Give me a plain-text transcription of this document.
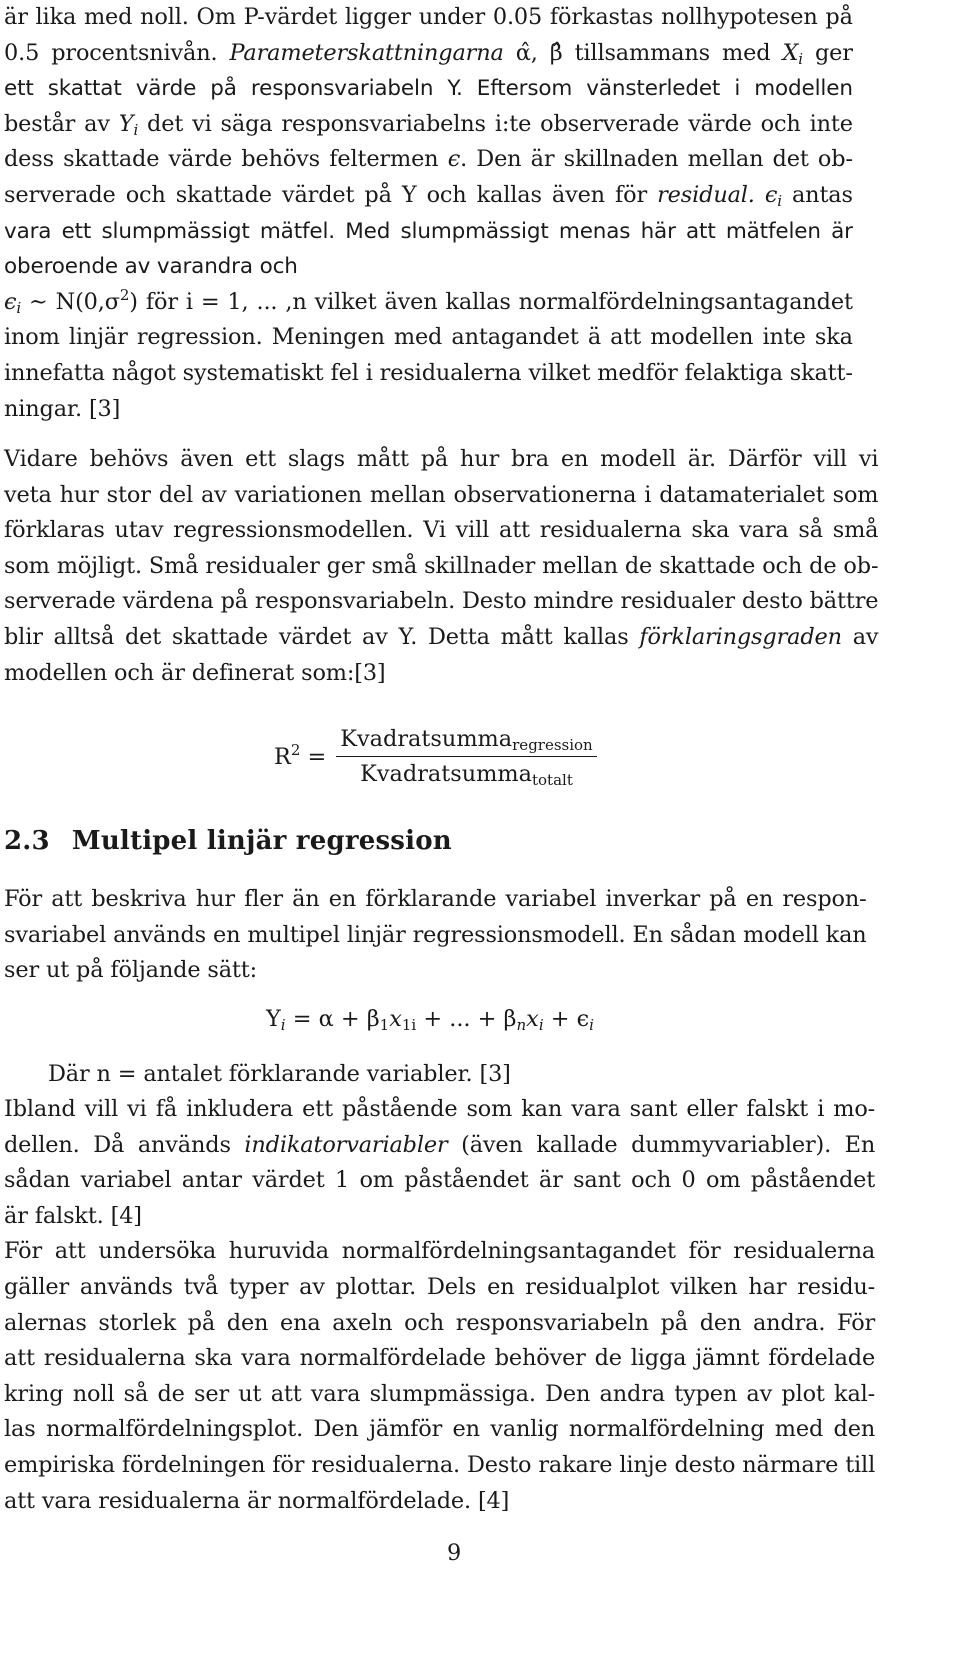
är lika med noll. Om P-värdet ligger under 0.05 förkastas nollhypotesen på
0.5 procentsnivån. Parameterskattningarna α̂, β̂ tillsammans med $X_i$ ger
ett skattat värde på responsvariabeln Y. Eftersom vänsterledet i modellen
består av $Y_i$ det vi säga responsvariabelns i:te observerade värde och inte
dess skattade värde behövs feltermen ϵ. Den är skillnaden mellan det ob-
serverade och skattade värdet på Y och kallas även för residual. $\epsilon_i$ antas
vara ett slumpmässigt mätfel. Med slumpmässigt menas här att mätfelen är
oberoende av varandra och
$\epsilon_i$ ∼ $N(0,\sigma^2)$ för i = 1, ... ,n vilket även kallas normalfördelningsantagandet
inom linjär regression. Meningen med antagandet ä att modellen inte ska
innefatta något systematiskt fel i residualerna vilket medför felaktiga skatt-
ningar. [3]

Vidare behövs även ett slags mått på hur bra en modell är. Därför vill vi
veta hur stor del av variationen mellan observationerna i datamaterialet som
förklaras utav regressionsmodellen. Vi vill att residualerna ska vara så små
som möjligt. Små residualer ger små skillnader mellan de skattade och de ob-
serverade värdena på responsvariabeln. Desto mindre residualer desto bättre
blir alltså det skattade värdet av Y. Detta mått kallas förklaringsgraden av
modellen och är definerat som:[3]

$R^2 = \frac{Kvadratsumma_{regression}}{Kvadratsumma_{totalt}}$
2.3 Multipel linjär regression

För att beskriva hur fler än en förklarande variabel inverkar på en respon-
svariabel används en multipel linjär regressionsmodell. En sådan modell kan
ser ut på följande sätt:

$Y_i = \alpha + \beta_1x_{1i}$ + ... + $\beta_nx_i + \epsilon_i$

Där n = antalet förklarande variabler. [3]

Ibland vill vi få inkludera ett påstående som kan vara sant eller falskt i mo-
dellen. Då används indikatorvariabler (även kallade dummyvariabler). En
sådan variabel antar värdet 1 om påståendet är sant och 0 om påståendet
är falskt. [4]
För att undersöka huruvida normalfördelningsantagandet för residualerna
gäller används två typer av plottar. Dels en residualplot vilken har residu-
alernas storlek på den ena axeln och responsvariabeln på den andra. För
att residualerna ska vara normalfördelade behöver de ligga jämnt fördelade
kring noll så de ser ut att vara slumpmässiga. Den andra typen av plot kal-
las normalfördelningsplot. Den jämför en vanlig normalfördelning med den
empiriska fördelningen för residualerna. Desto rakare linje desto närmare till
att vara residualerna är normalfördelade. [4]

9
